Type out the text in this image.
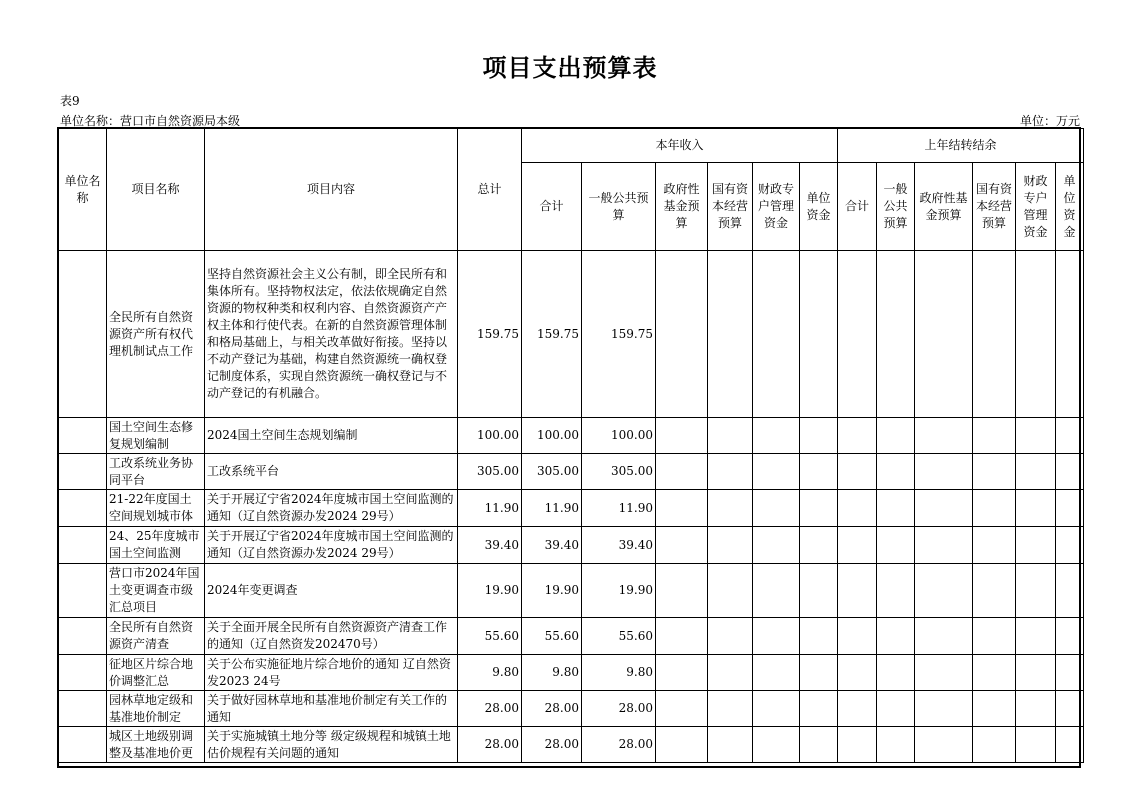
项目支出预算表
表9
单位名称：营口市自然资源局本级	单位：万元
单位名称	项目名称	项目内容	总计	本年收入						上年结转结余					
				合计	一般公共预算	政府性基金预算	国有资本经营预算	财政专户管理资金	单位资金	合计	一般公共预算	政府性基金预算	国有资本经营预算	财政专户管理资金	单位资金
	全民所有自然资源资产所有权代理机制试点工作	坚持自然资源社会主义公有制，即全民所有和集体所有。坚持物权法定，依法依规确定自然资源的物权种类和权利内容、自然资源资产产权主体和行使代表。在新的自然资源管理体制和格局基础上，与相关改革做好衔接。坚持以不动产登记为基础，构建自然资源统一确权登记制度体系，实现自然资源统一确权登记与不动产登记的有机融合。	159.75	159.75	159.75										
	国土空间生态修复规划编制	2024国土空间生态规划编制	100.00	100.00	100.00										
	工改系统业务协同平台	工改系统平台	305.00	305.00	305.00										
	21-22年度国土空间规划城市体	关于开展辽宁省2024年度城市国土空间监测的通知（辽自然资源办发2024 29号）	11.90	11.90	11.90										
	24、25年度城市国土空间监测	关于开展辽宁省2024年度城市国土空间监测的通知（辽自然资源办发2024 29号）	39.40	39.40	39.40										
	营口市2024年国土变更调查市级汇总项目	2024年变更调查	19.90	19.90	19.90										
	全民所有自然资源资产清查	关于全面开展全民所有自然资源资产清查工作的通知（辽自然资发202470号）	55.60	55.60	55.60										
	征地区片综合地价调整汇总	关于公布实施征地片综合地价的通知 辽自然资发2023 24号	9.80	9.80	9.80										
	园林草地定级和基准地价制定	关于做好园林草地和基准地价制定有关工作的通知	28.00	28.00	28.00										
	城区土地级别调整及基准地价更	关于实施城镇土地分等 级定级规程和城镇土地估价规程有关问题的通知	28.00	28.00	28.00										
